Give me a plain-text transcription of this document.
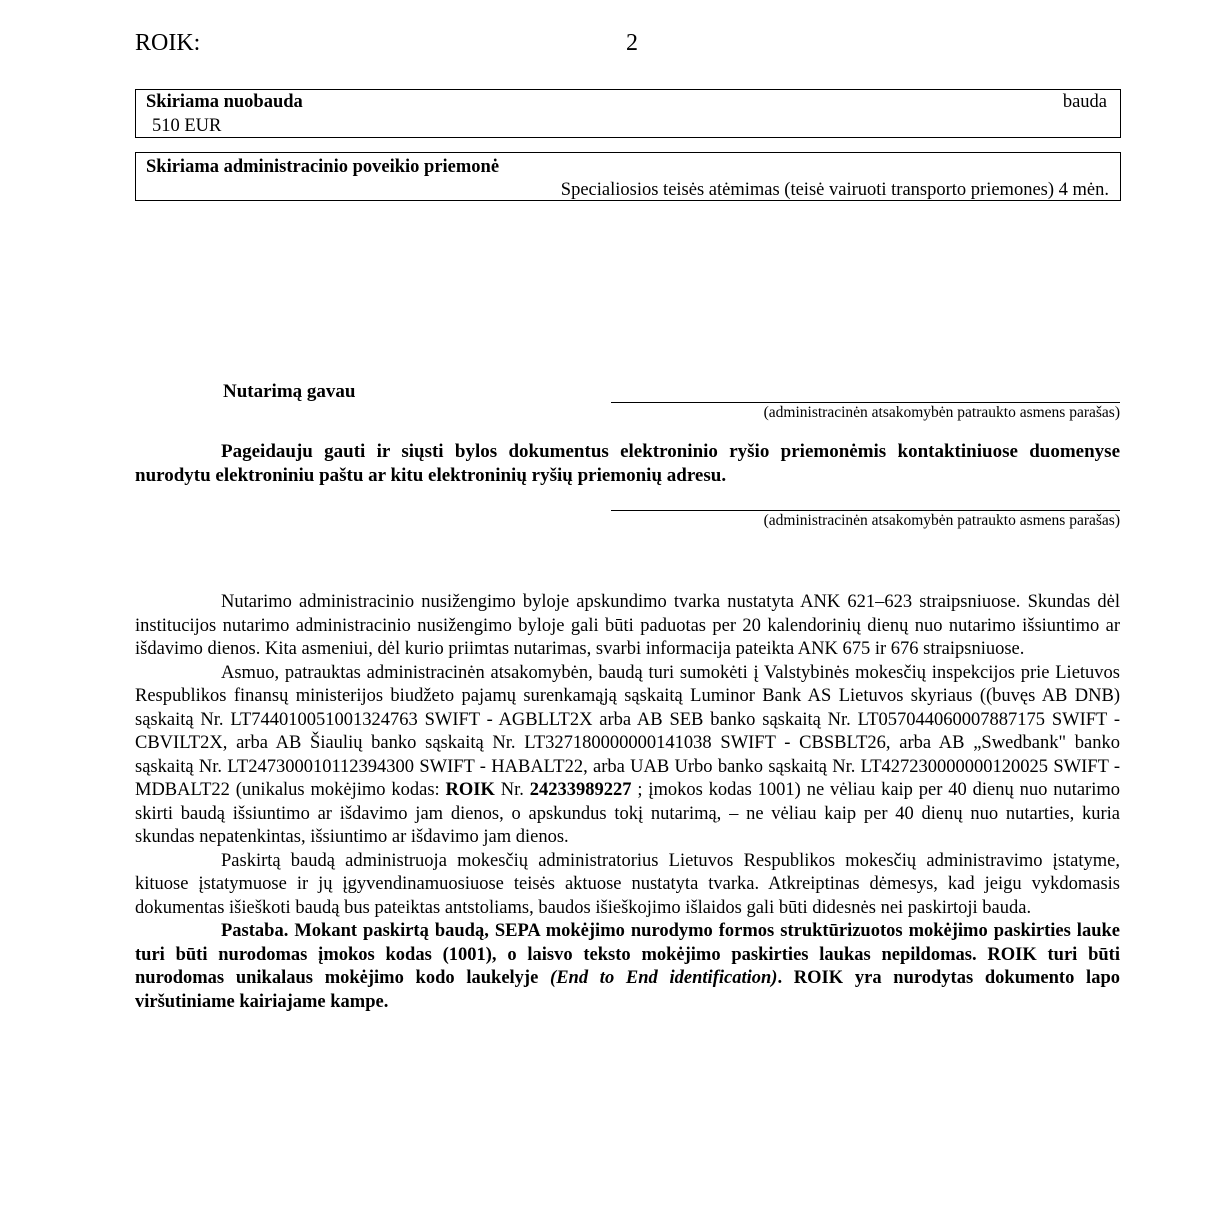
ROIK:	2
Skiriama nuobauda	bauda
510 EUR
Skiriama administracinio poveikio priemonė
Specialiosios teisės atėmimas (teisė vairuoti transporto priemones) 4 mėn.
Nutarimą gavau
(administracinėn atsakomybėn patraukto asmens parašas)

Pageidauju gauti ir siųsti bylos dokumentus elektroninio ryšio priemonėmis kontaktiniuose duomenyse nurodytu elektroniniu paštu ar kitu elektroninių ryšių priemonių adresu.

(administracinėn atsakomybėn patraukto asmens parašas)

Nutarimo administracinio nusižengimo byloje apskundimo tvarka nustatyta ANK 621–623 straipsniuose. Skundas dėl institucijos nutarimo administracinio nusižengimo byloje gali būti paduotas per 20 kalendorinių dienų nuo nutarimo išsiuntimo ar išdavimo dienos. Kita asmeniui, dėl kurio priimtas nutarimas, svarbi informacija pateikta ANK 675 ir 676 straipsniuose.

Asmuo, patrauktas administracinėn atsakomybėn, baudą turi sumokėti į Valstybinės mokesčių inspekcijos prie Lietuvos Respublikos finansų ministerijos biudžeto pajamų surenkamąją sąskaitą Luminor Bank AS Lietuvos skyriaus ((buvęs AB DNB) sąskaitą Nr. LT744010051001324763 SWIFT - AGBLLT2X arba AB SEB banko sąskaitą Nr. LT057044060007887175 SWIFT - CBVILT2X, arba AB Šiaulių banko sąskaitą Nr. LT327180000000141038 SWIFT - CBSBLT26, arba AB „Swedbank" banko sąskaitą Nr. LT247300010112394300 SWIFT - HABALT22, arba UAB Urbo banko sąskaitą Nr. LT427230000000120025 SWIFT - MDBALT22 (unikalus mokėjimo kodas: ROIK Nr. 24233989227 ; įmokos kodas 1001) ne vėliau kaip per 40 dienų nuo nutarimo skirti baudą išsiuntimo ar išdavimo jam dienos, o apskundus tokį nutarimą, – ne vėliau kaip per 40 dienų nuo nutarties, kuria skundas nepatenkintas, išsiuntimo ar išdavimo jam dienos.

Paskirtą baudą administruoja mokesčių administratorius Lietuvos Respublikos mokesčių administravimo įstatyme, kituose įstatymuose ir jų įgyvendinamuosiuose teisės aktuose nustatyta tvarka. Atkreiptinas dėmesys, kad jeigu vykdomasis dokumentas išieškoti baudą bus pateiktas antstoliams, baudos išieškojimo išlaidos gali būti didesnės nei paskirtoji bauda.

Pastaba. Mokant paskirtą baudą, SEPA mokėjimo nurodymo formos struktūrizuotos mokėjimo paskirties lauke turi būti nurodomas įmokos kodas (1001), o laisvo teksto mokėjimo paskirties laukas nepildomas. ROIK turi būti nurodomas unikalaus mokėjimo kodo laukelyje (End to End identification). ROIK yra nurodytas dokumento lapo viršutiniame kairiajame kampe.
